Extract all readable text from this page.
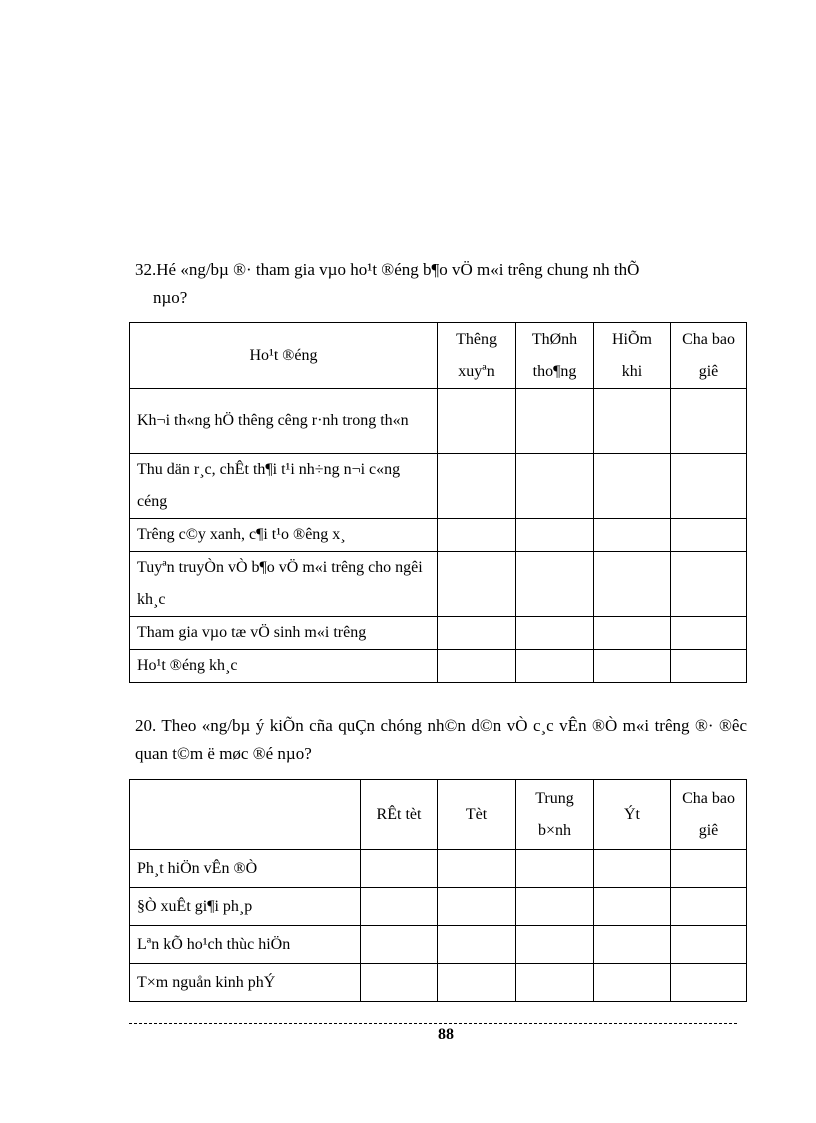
32.Hé «ng/bµ ®· tham gia vµo ho¹t ®éng b¶o vÖ m«i trêng chung nh thÕ
nµo?
Ho¹t ®éng	Thêng xuyªn	ThØnh tho¶ng	HiÕm khi	Cha bao giê
Kh¬i th«ng hÖ thêng cêng r·nh trong th«n				
Thu dän r¸c, chÊt th¶i t¹i nh÷ng n¬i c«ng céng				
Trêng c©y xanh, c¶i t¹o ®êng x¸				
Tuyªn truyÒn vÒ b¶o vÖ m«i trêng cho ngêi kh¸c				
Tham gia vµo tæ vÖ sinh m«i trêng				
Ho¹t ®éng kh¸c				
20. Theo «ng/bµ ý kiÕn cña quÇn chóng nh©n d©n vÒ c¸c vÊn ®Ò m«i trêng ®· ®êc quan t©m ë møc ®é nµo?
	RÊt tèt	Tèt	Trung b×nh	Ýt	Cha bao giê
Ph¸t hiÖn vÊn ®Ò					
§Ò xuÊt gi¶i ph¸p					
Lªn kÕ ho¹ch thùc hiÖn					
T×m nguån kinh phÝ					
88
